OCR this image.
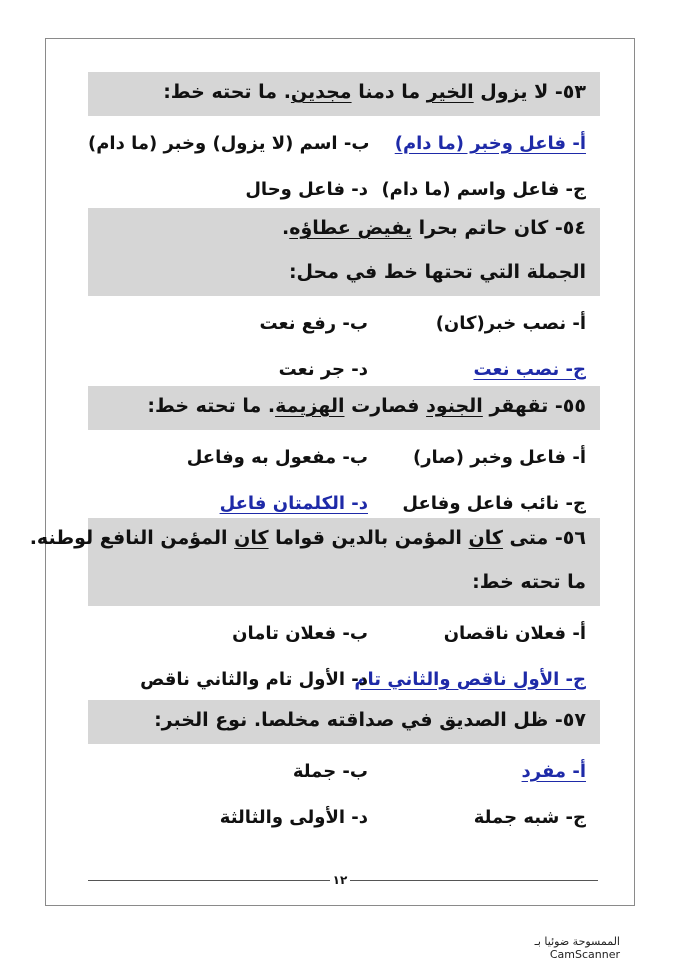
٥٣- لا يزول الخير ما دمنا مجدين. ما تحته خط:
أ- فاعل وخبر (ما دام)
ب- اسم (لا يزول) وخبر (ما دام)
ج- فاعل واسم (ما دام)
د- فاعل وحال
٥٤- كان حاتم بحرا يفيض عطاؤه.
الجملة التي تحتها خط في محل:
أ- نصب خبر(كان)
ب- رفع نعت
ج- نصب نعت
د- جر نعت
٥٥- تقهقر الجنود فصارت الهزيمة. ما تحته خط:
أ- فاعل وخبر (صار)
ب- مفعول به وفاعل
ج- نائب فاعل وفاعل
د- الكلمتان فاعل
٥٦- متى كان المؤمن بالدين قواما كان المؤمن النافع لوطنه.
ما تحته خط:
أ- فعلان ناقصان
ب- فعلان تامان
ج- الأول ناقص والثاني تام
د- الأول تام والثاني ناقص
٥٧- ظل الصديق في صداقته مخلصا. نوع الخبر:
أ- مفرد
ب- جملة
ج- شبه جملة
د- الأولى والثالثة
١٢
الممسوحة ضوئيا بـ CamScanner
